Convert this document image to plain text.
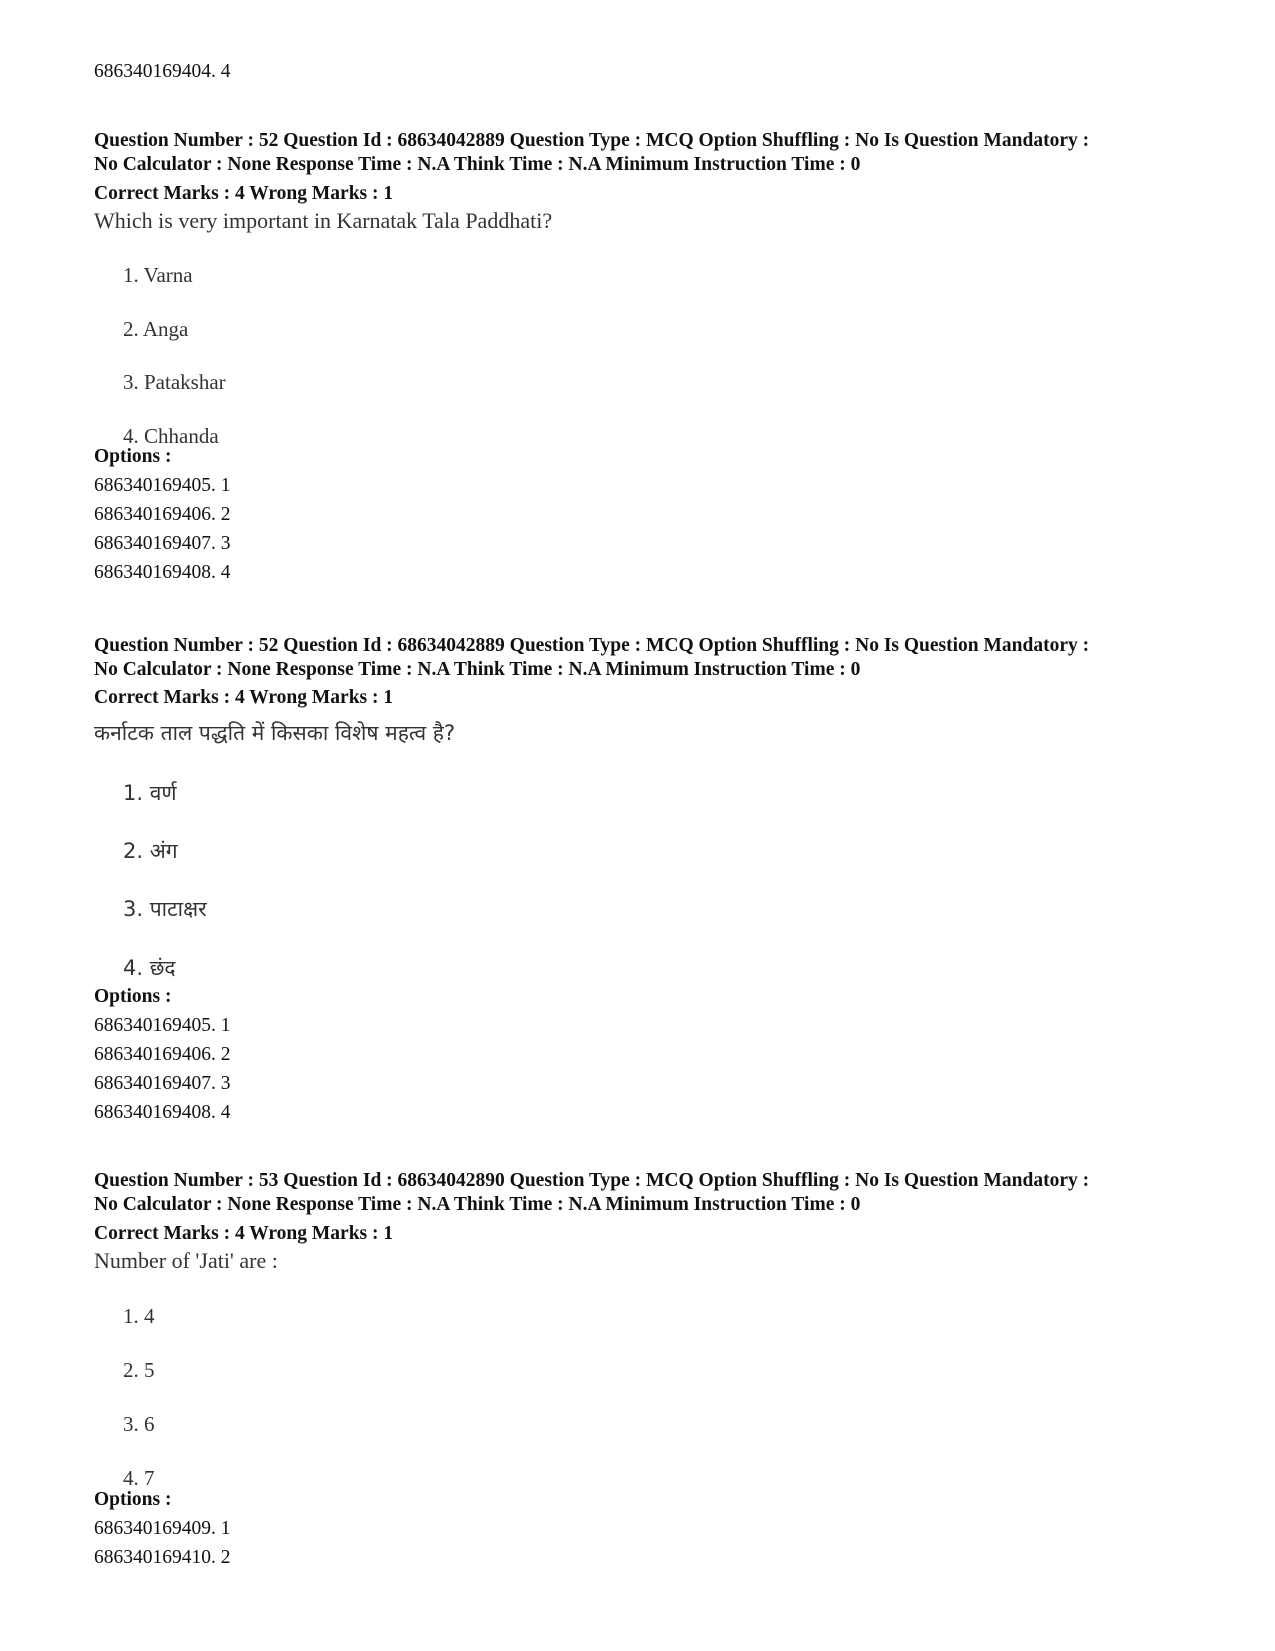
686340169404. 4
Question Number : 52 Question Id : 68634042889 Question Type : MCQ Option Shuffling : No Is Question Mandatory :
No Calculator : None Response Time : N.A Think Time : N.A Minimum Instruction Time : 0
Correct Marks : 4 Wrong Marks : 1
Which is very important in Karnatak Tala Paddhati?
1. Varna
2. Anga
3. Patakshar
4. Chhanda
Options :
686340169405. 1
686340169406. 2
686340169407. 3
686340169408. 4
Question Number : 52 Question Id : 68634042889 Question Type : MCQ Option Shuffling : No Is Question Mandatory :
No Calculator : None Response Time : N.A Think Time : N.A Minimum Instruction Time : 0
Correct Marks : 4 Wrong Marks : 1
कर्नाटक ताल पद्धति में किसका विशेष महत्व है?
1. वर्ण
2. अंग
3. पाटाक्षर
4. छंद
Options :
686340169405. 1
686340169406. 2
686340169407. 3
686340169408. 4
Question Number : 53 Question Id : 68634042890 Question Type : MCQ Option Shuffling : No Is Question Mandatory :
No Calculator : None Response Time : N.A Think Time : N.A Minimum Instruction Time : 0
Correct Marks : 4 Wrong Marks : 1
Number of 'Jati' are :
1. 4
2. 5
3. 6
4. 7
Options :
686340169409. 1
686340169410. 2
